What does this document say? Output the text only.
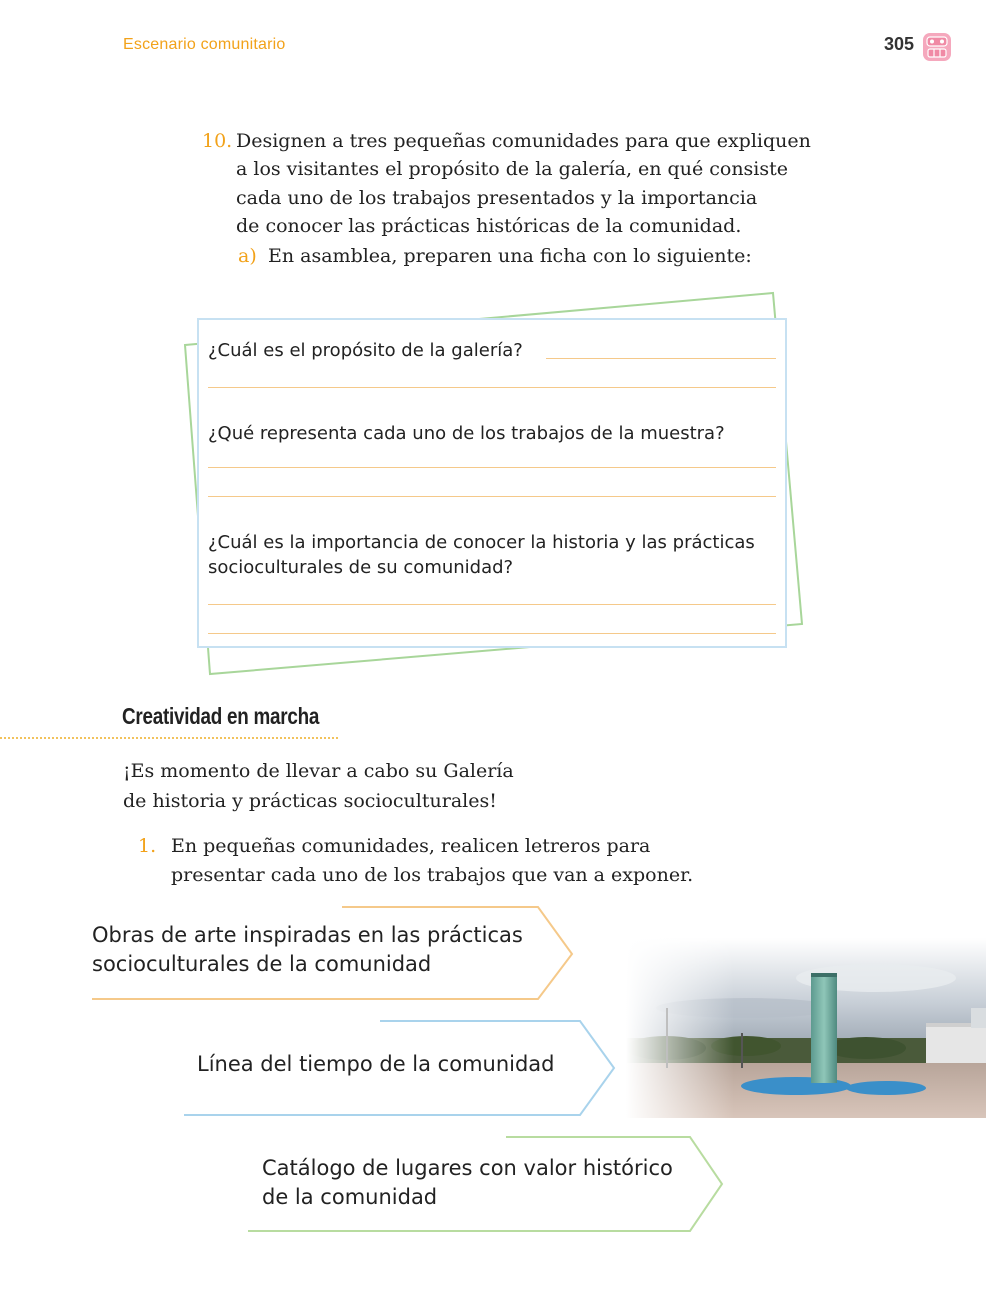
Escenario comunitario	305
10. Designen a tres pequeñas comunidades para que expliquen
a los visitantes el propósito de la galería, en qué consiste
cada uno de los trabajos presentados y la importancia
de conocer las prácticas históricas de la comunidad.
a) En asamblea, preparen una ficha con lo siguiente:
¿Cuál es el propósito de la galería?
¿Qué representa cada uno de los trabajos de la muestra?
¿Cuál es la importancia de conocer la historia y las prácticas
socioculturales de su comunidad?
Creatividad en marcha
¡Es momento de llevar a cabo su Galería
de historia y prácticas socioculturales!
1. En pequeñas comunidades, realicen letreros para
presentar cada uno de los trabajos que van a exponer.
Obras de arte inspiradas en las prácticas
socioculturales de la comunidad
Línea del tiempo de la comunidad
Catálogo de lugares con valor histórico
de la comunidad
